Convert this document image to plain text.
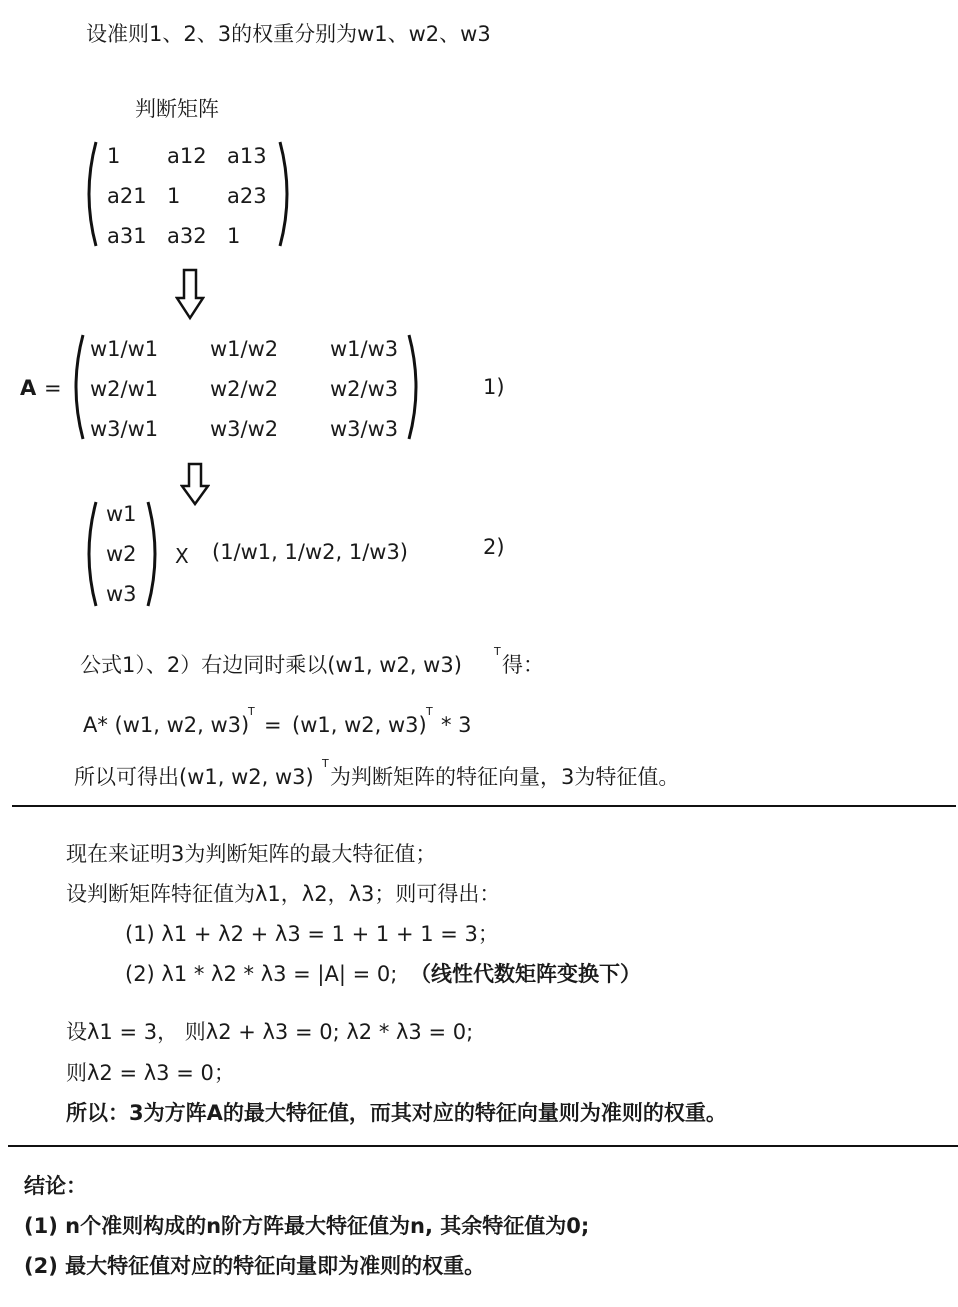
设准则1、2、3的权重分别为w1、w2、w3
判断矩阵
1 a12 a13
a21 1 a23
a31 a32 1
A =
w1/w1 w1/w2 w1/w3
w2/w1 w2/w2 w2/w3
w3/w1 w3/w2 w3/w3
1)
w1
w2
w3
X (1/w1, 1/w2, 1/w3)	2)
公式1）、2）右边同时乘以(w1, w2, w3)
T
得：
A* (w1, w2, w3)
T
= (w1, w2, w3)
T
* 3
所以可得出(w1, w2, w3)
T
为判断矩阵的特征向量，3为特征值。
现在来证明3为判断矩阵的最大特征值；
设判断矩阵特征值为λ1，λ2，λ3；则可得出：
(1) λ1 + λ2 + λ3 = 1 + 1 + 1 = 3；
(2) λ1 * λ2 * λ3 = |A| = 0; （线性代数矩阵变换下）
设λ1 = 3， 则λ2 + λ3 = 0; λ2 * λ3 = 0;
则λ2 = λ3 = 0；
所以：3为方阵A的最大特征值，而其对应的特征向量则为准则的权重。
结论：
(1) n个准则构成的n阶方阵最大特征值为n, 其余特征值为0;
(2) 最大特征值对应的特征向量即为准则的权重。
